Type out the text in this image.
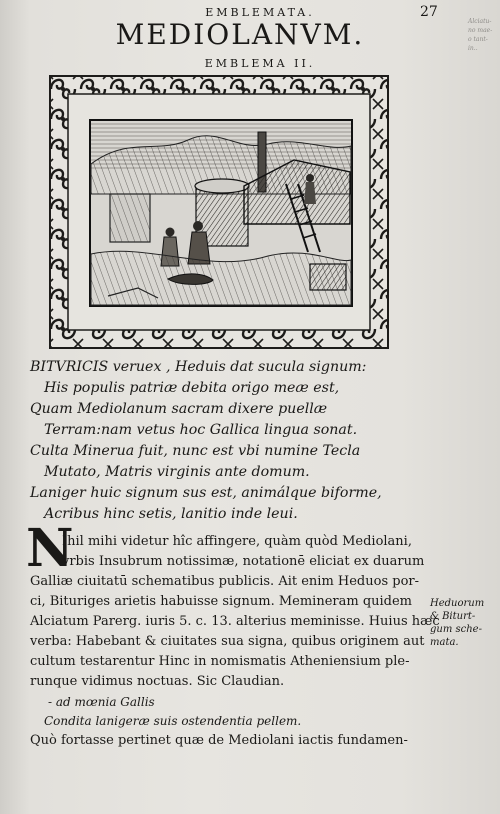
Alciatu-
no mae-
o tant-
in..
EMBLEMATA.	27
MEDIOLANVM.
EMBLEMA II.
BITVRICIS veruex , Heduis dat sucula signum:
His populis patriæ debita origo meæ est,
Quam Mediolanum sacram dixere puellæ
Terram:nam vetus hoc Gallica lingua sonat.
Culta Minerua fuit, nunc est vbi numine Tecla
Mutato, Matris virginis ante domum.
Laniger huic signum sus est, animálque biforme,
Acribus hinc setis, lanitio inde leui.
N
Ihil mihi videtur hîc affingere, quàm quòd Mediolani,
vrbis Insubrum notissimæ, notationē eliciat ex duarum
Galliæ ciuitatū schematibus publicis. Ait enim Heduos por-
ci, Bituriges arietis habuisse signum. Memineram quidem
Alciatum Parerg. iuris 5. c. 13. alterius meminisse. Huius hæc
verba: Habebant & ciuitates sua signa, quibus originem aut
cultum testarentur Hinc in nomismatis Atheniensium ple-
runque vidimus noctuas. Sic Claudian.
- ad mœnia Gallis
Condita lanigeræ suis ostendentia pellem.
Quò fortasse pertinet quæ de Mediolani iactis fundamen-
Heduorum
& Biturt-
gum sche-
mata.
